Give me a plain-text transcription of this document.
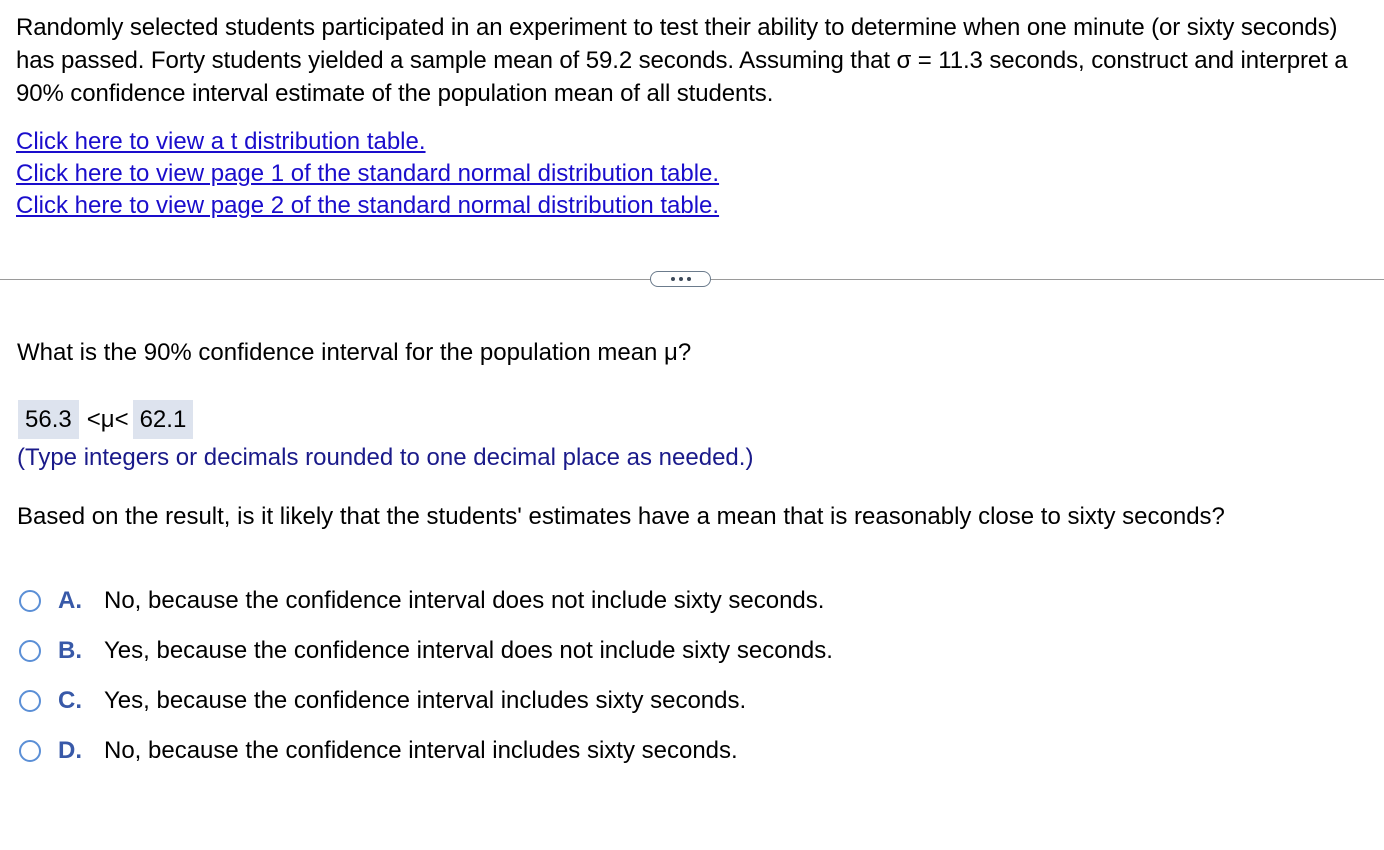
Randomly selected students participated in an experiment to test their ability to determine when one minute (or sixty seconds) has passed. Forty students yielded a sample mean of 59.2 seconds. Assuming that σ = 11.3 seconds, construct and interpret a 90% confidence interval estimate of the population mean of all students.

Click here to view a t distribution table.
Click here to view page 1 of the standard normal distribution table.
Click here to view page 2 of the standard normal distribution table.
What is the 90% confidence interval for the population mean μ?
56.3 <μ< 62.1
(Type integers or decimals rounded to one decimal place as needed.)
Based on the result, is it likely that the students' estimates have a mean that is reasonably close to sixty seconds?
A. No, because the confidence interval does not include sixty seconds.
B. Yes, because the confidence interval does not include sixty seconds.
C. Yes, because the confidence interval includes sixty seconds.
D. No, because the confidence interval includes sixty seconds.
